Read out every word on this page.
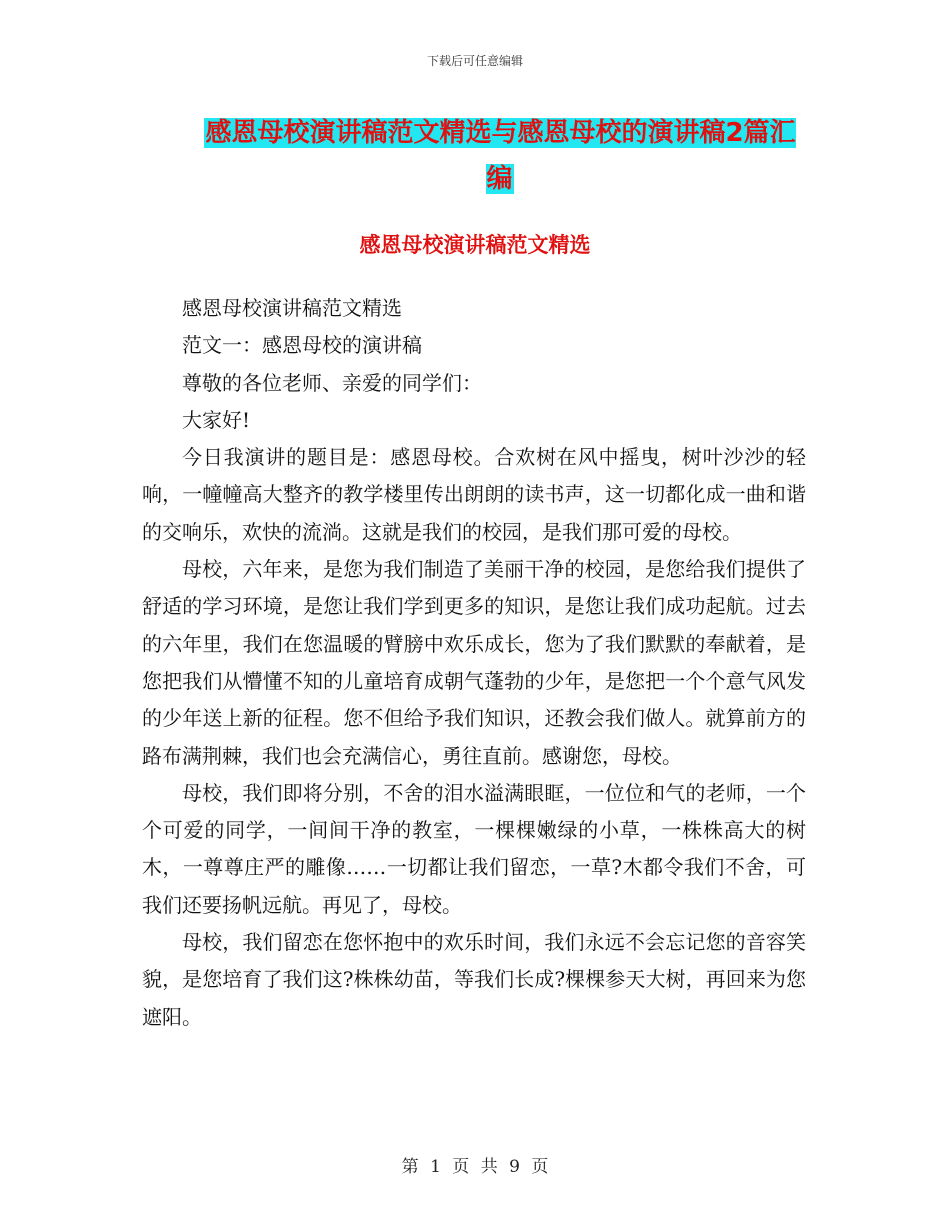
下载后可任意编辑
感恩母校演讲稿范文精选与感恩母校的演讲稿2篇汇编
感恩母校演讲稿范文精选

感恩母校演讲稿范文精选

范文一：感恩母校的演讲稿

尊敬的各位老师、亲爱的同学们：

大家好!

今日我演讲的题目是：感恩母校。合欢树在风中摇曳，树叶沙沙的轻响，一幢幢高大整齐的教学楼里传出朗朗的读书声，这一切都化成一曲和谐的交响乐，欢快的流淌。这就是我们的校园，是我们那可爱的母校。

母校，六年来，是您为我们制造了美丽干净的校园，是您给我们提供了舒适的学习环境，是您让我们学到更多的知识，是您让我们成功起航。过去的六年里，我们在您温暖的臂膀中欢乐成长，您为了我们默默的奉献着，是您把我们从懵懂不知的儿童培育成朝气蓬勃的少年，是您把一个个意气风发的少年送上新的征程。您不但给予我们知识，还教会我们做人。就算前方的路布满荆棘，我们也会充满信心，勇往直前。感谢您，母校。

母校，我们即将分别，不舍的泪水溢满眼眶，一位位和气的老师，一个个可爱的同学，一间间干净的教室，一棵棵嫩绿的小草，一株株高大的树木，一尊尊庄严的雕像……一切都让我们留恋，一草?木都令我们不舍，可我们还要扬帆远航。再见了，母校。

母校，我们留恋在您怀抱中的欢乐时间，我们永远不会忘记您的音容笑貌，是您培育了我们这?株株幼苗，等我们长成?棵棵参天大树，再回来为您遮阳。

第 1 页 共 9 页
